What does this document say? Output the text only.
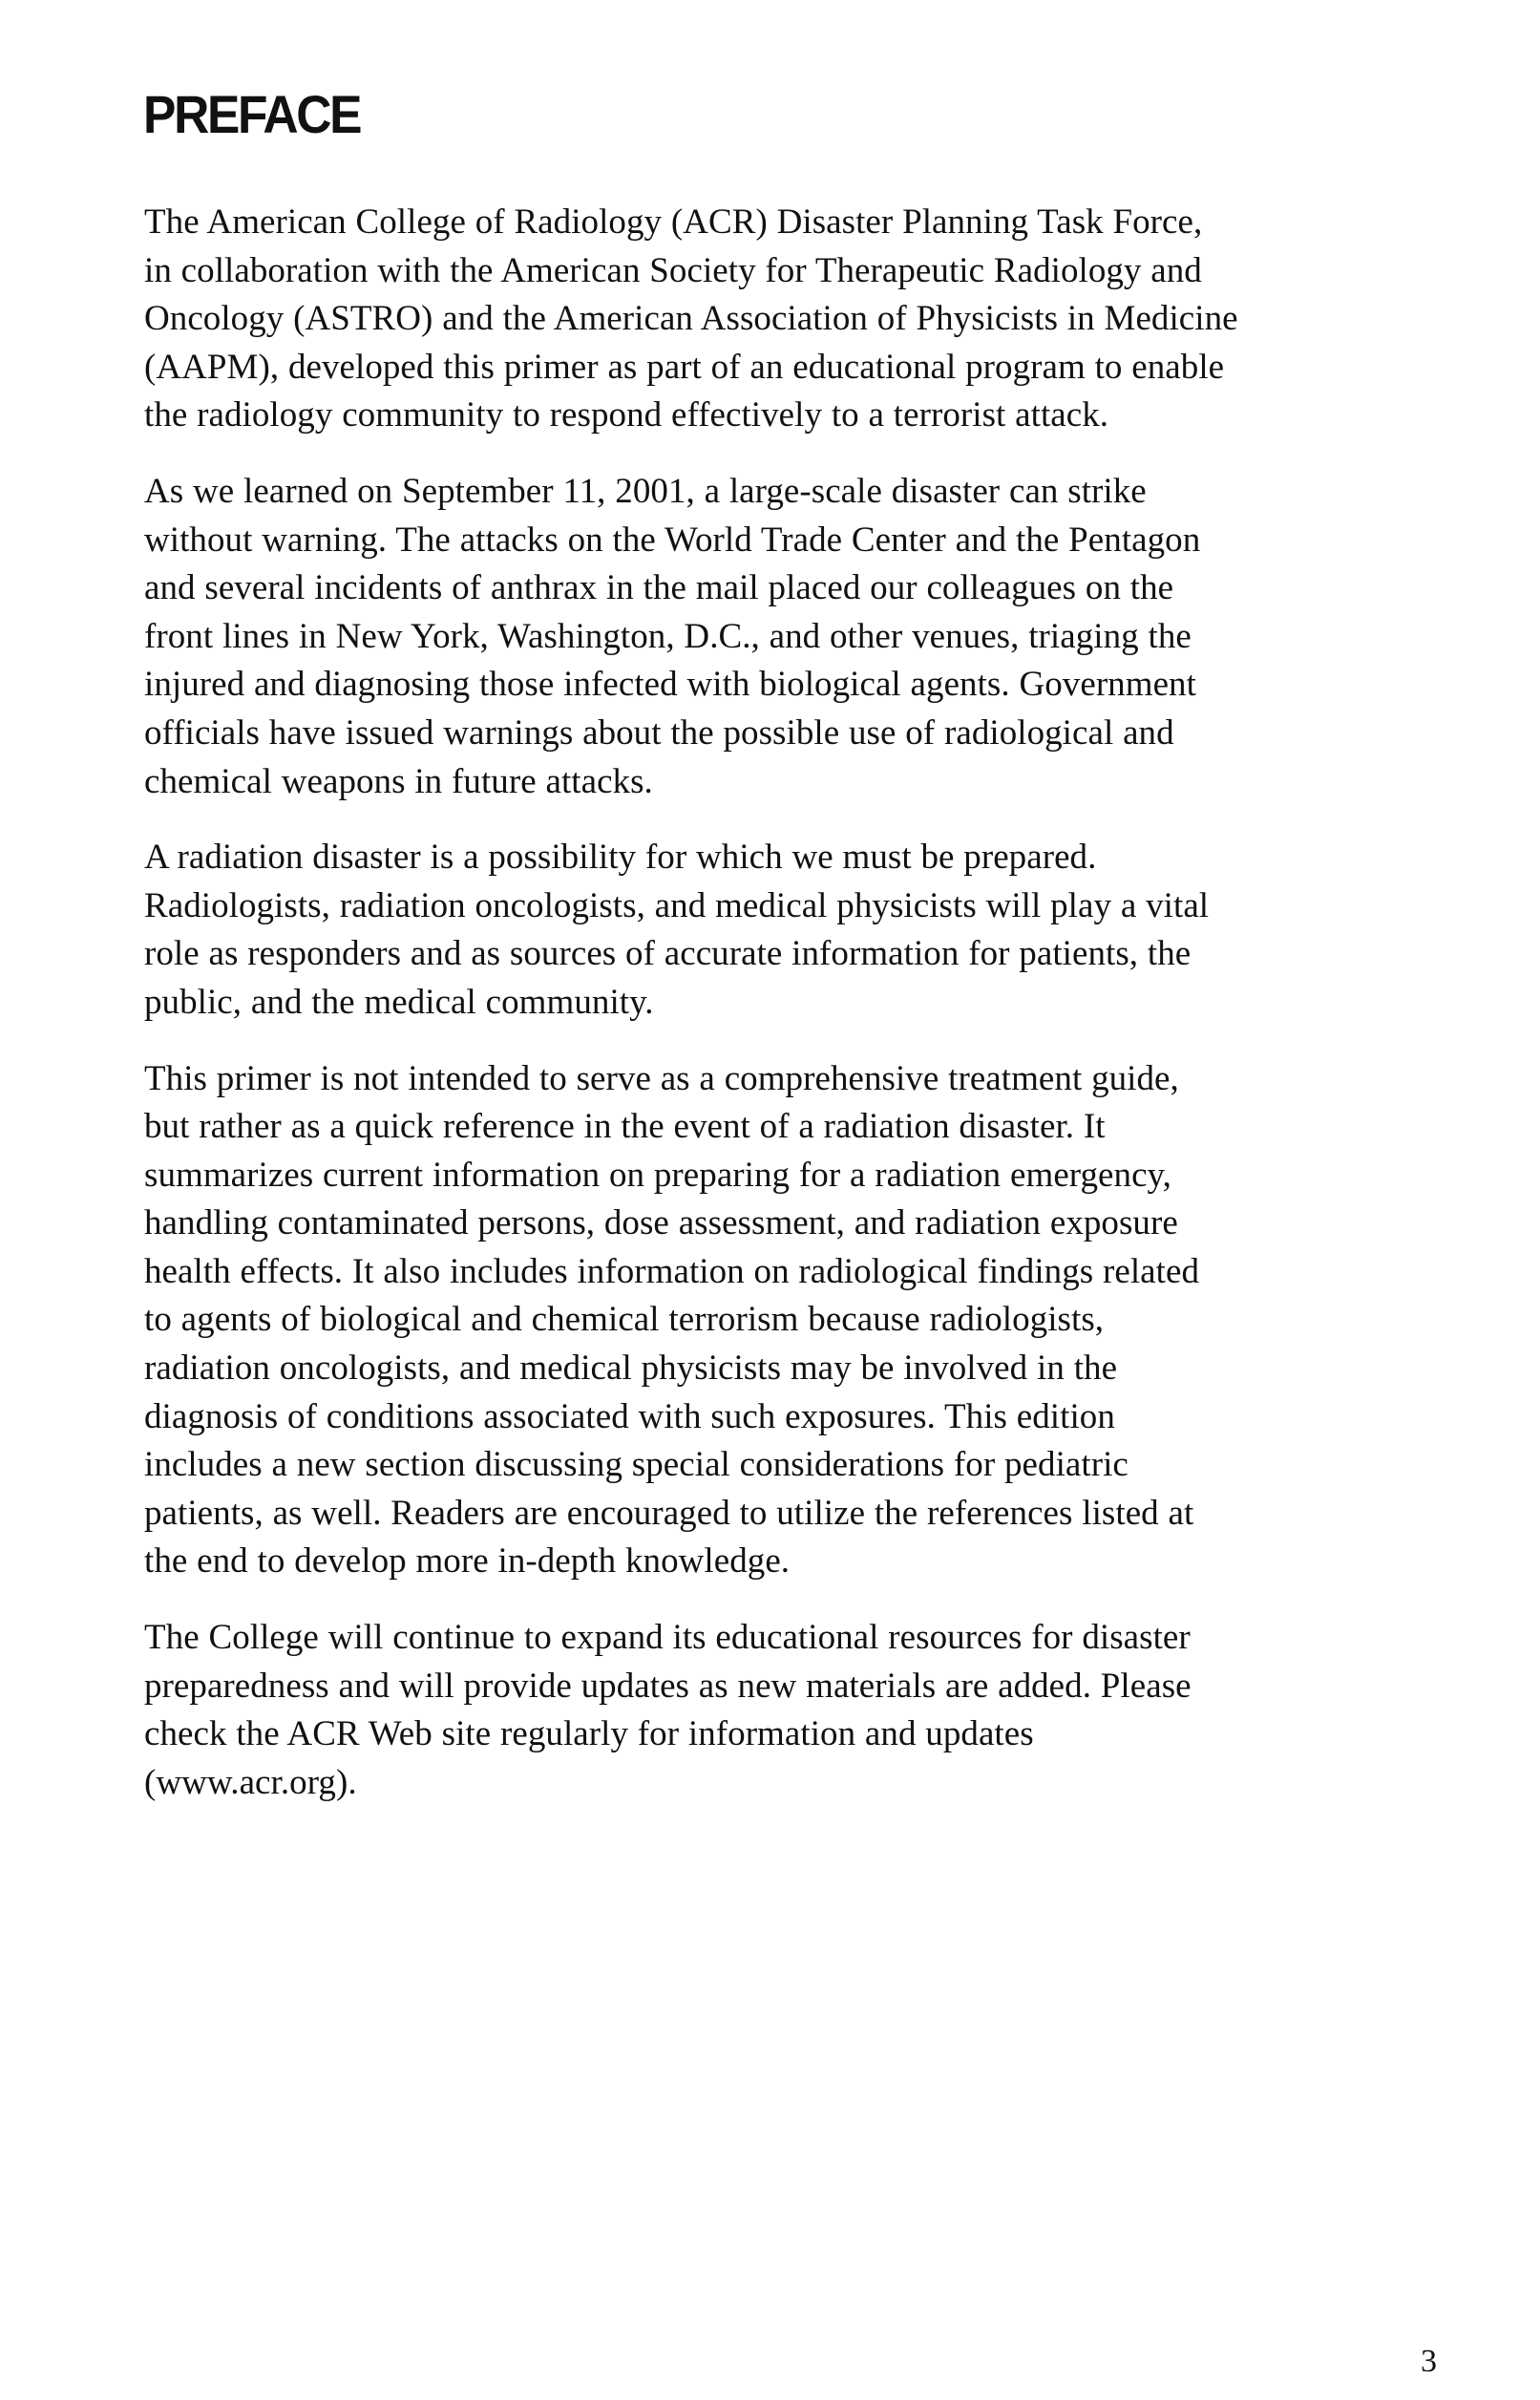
PREFACE

The American College of Radiology (ACR) Disaster Planning Task Force,
in collaboration with the American Society for Therapeutic Radiology and
Oncology (ASTRO) and the American Association of Physicists in Medicine
(AAPM), developed this primer as part of an educational program to enable
the radiology community to respond effectively to a terrorist attack.

As we learned on September 11, 2001, a large-scale disaster can strike
without warning. The attacks on the World Trade Center and the Pentagon
and several incidents of anthrax in the mail placed our colleagues on the
front lines in New York, Washington, D.C., and other venues, triaging the
injured and diagnosing those infected with biological agents. Government
officials have issued warnings about the possible use of radiological and
chemical weapons in future attacks.

A radiation disaster is a possibility for which we must be prepared.
Radiologists, radiation oncologists, and medical physicists will play a vital
role as responders and as sources of accurate information for patients, the
public, and the medical community.

This primer is not intended to serve as a comprehensive treatment guide,
but rather as a quick reference in the event of a radiation disaster. It
summarizes current information on preparing for a radiation emergency,
handling contaminated persons, dose assessment, and radiation exposure
health effects. It also includes information on radiological findings related
to agents of biological and chemical terrorism because radiologists,
radiation oncologists, and medical physicists may be involved in the
diagnosis of conditions associated with such exposures. This edition
includes a new section discussing special considerations for pediatric
patients, as well. Readers are encouraged to utilize the references listed at
the end to develop more in-depth knowledge.

The College will continue to expand its educational resources for disaster
preparedness and will provide updates as new materials are added. Please
check the ACR Web site regularly for information and updates
(www.acr.org).

3
